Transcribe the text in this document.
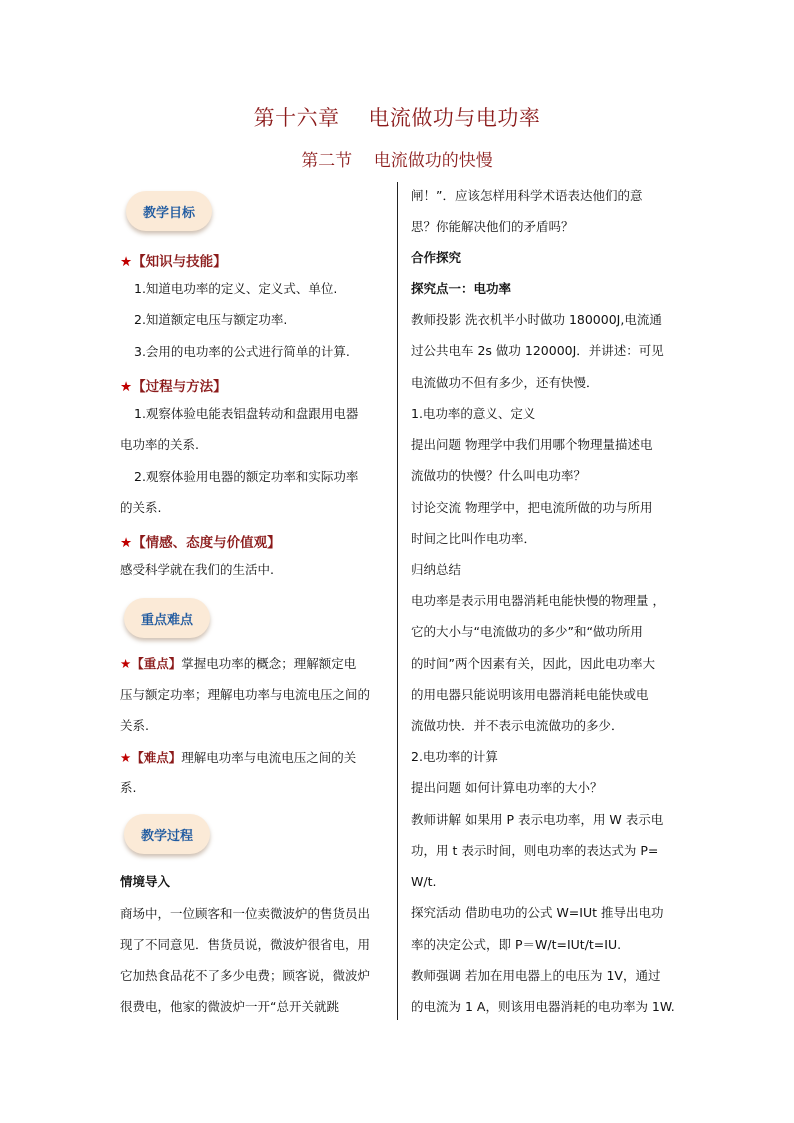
第十六章    电流做功与电功率
第二节    电流做功的快慢
教学目标
★【知识与技能】
1.知道电功率的定义、定义式、单位.
2.知道额定电压与额定功率.
3.会用的电功率的公式进行简单的计算.
★【过程与方法】
1.观察体验电能表铝盘转动和盘跟用电器
电功率的关系.
2.观察体验用电器的额定功率和实际功率
的关系.
★【情感、态度与价值观】
感受科学就在我们的生活中.
重点难点
★【重点】掌握电功率的概念；理解额定电
压与额定功率；理解电功率与电流电压之间的
关系.
★【难点】理解电功率与电流电压之间的关
系.
教学过程
情境导入
商场中，一位顾客和一位卖微波炉的售货员出
现了不同意见．售货员说，微波炉很省电，用
它加热食品花不了多少电费；顾客说，微波炉
很费电，他家的微波炉一开“总开关就跳
闸！”．应该怎样用科学术语表达他们的意
思？你能解决他们的矛盾吗？
合作探究
探究点一：电功率
教师投影 洗衣机半小时做功 180000J,电流通
过公共电车 2s 做功 120000J．并讲述：可见
电流做功不但有多少，还有快慢．
1.电功率的意义、定义
提出问题 物理学中我们用哪个物理量描述电
流做功的快慢？什么叫电功率？
讨论交流 物理学中，把电流所做的功与所用
时间之比叫作电功率．
归纳总结
电功率是表示用电器消耗电能快慢的物理量 ，
它的大小与“电流做功的多少”和“做功所用
的时间”两个因素有关，因此，因此电功率大
的用电器只能说明该用电器消耗电能快或电
流做功快．并不表示电流做功的多少．
2.电功率的计算
提出问题 如何计算电功率的大小？
教师讲解 如果用 P 表示电功率，用 W 表示电
功，用 t 表示时间，则电功率的表达式为 P=
W/t.
探究活动 借助电功的公式 W=IUt 推导出电功
率的决定公式，即 P＝W/t=IUt/t=IU.
教师强调 若加在用电器上的电压为 1V，通过
的电流为 1 A，则该用电器消耗的电功率为 1W.
